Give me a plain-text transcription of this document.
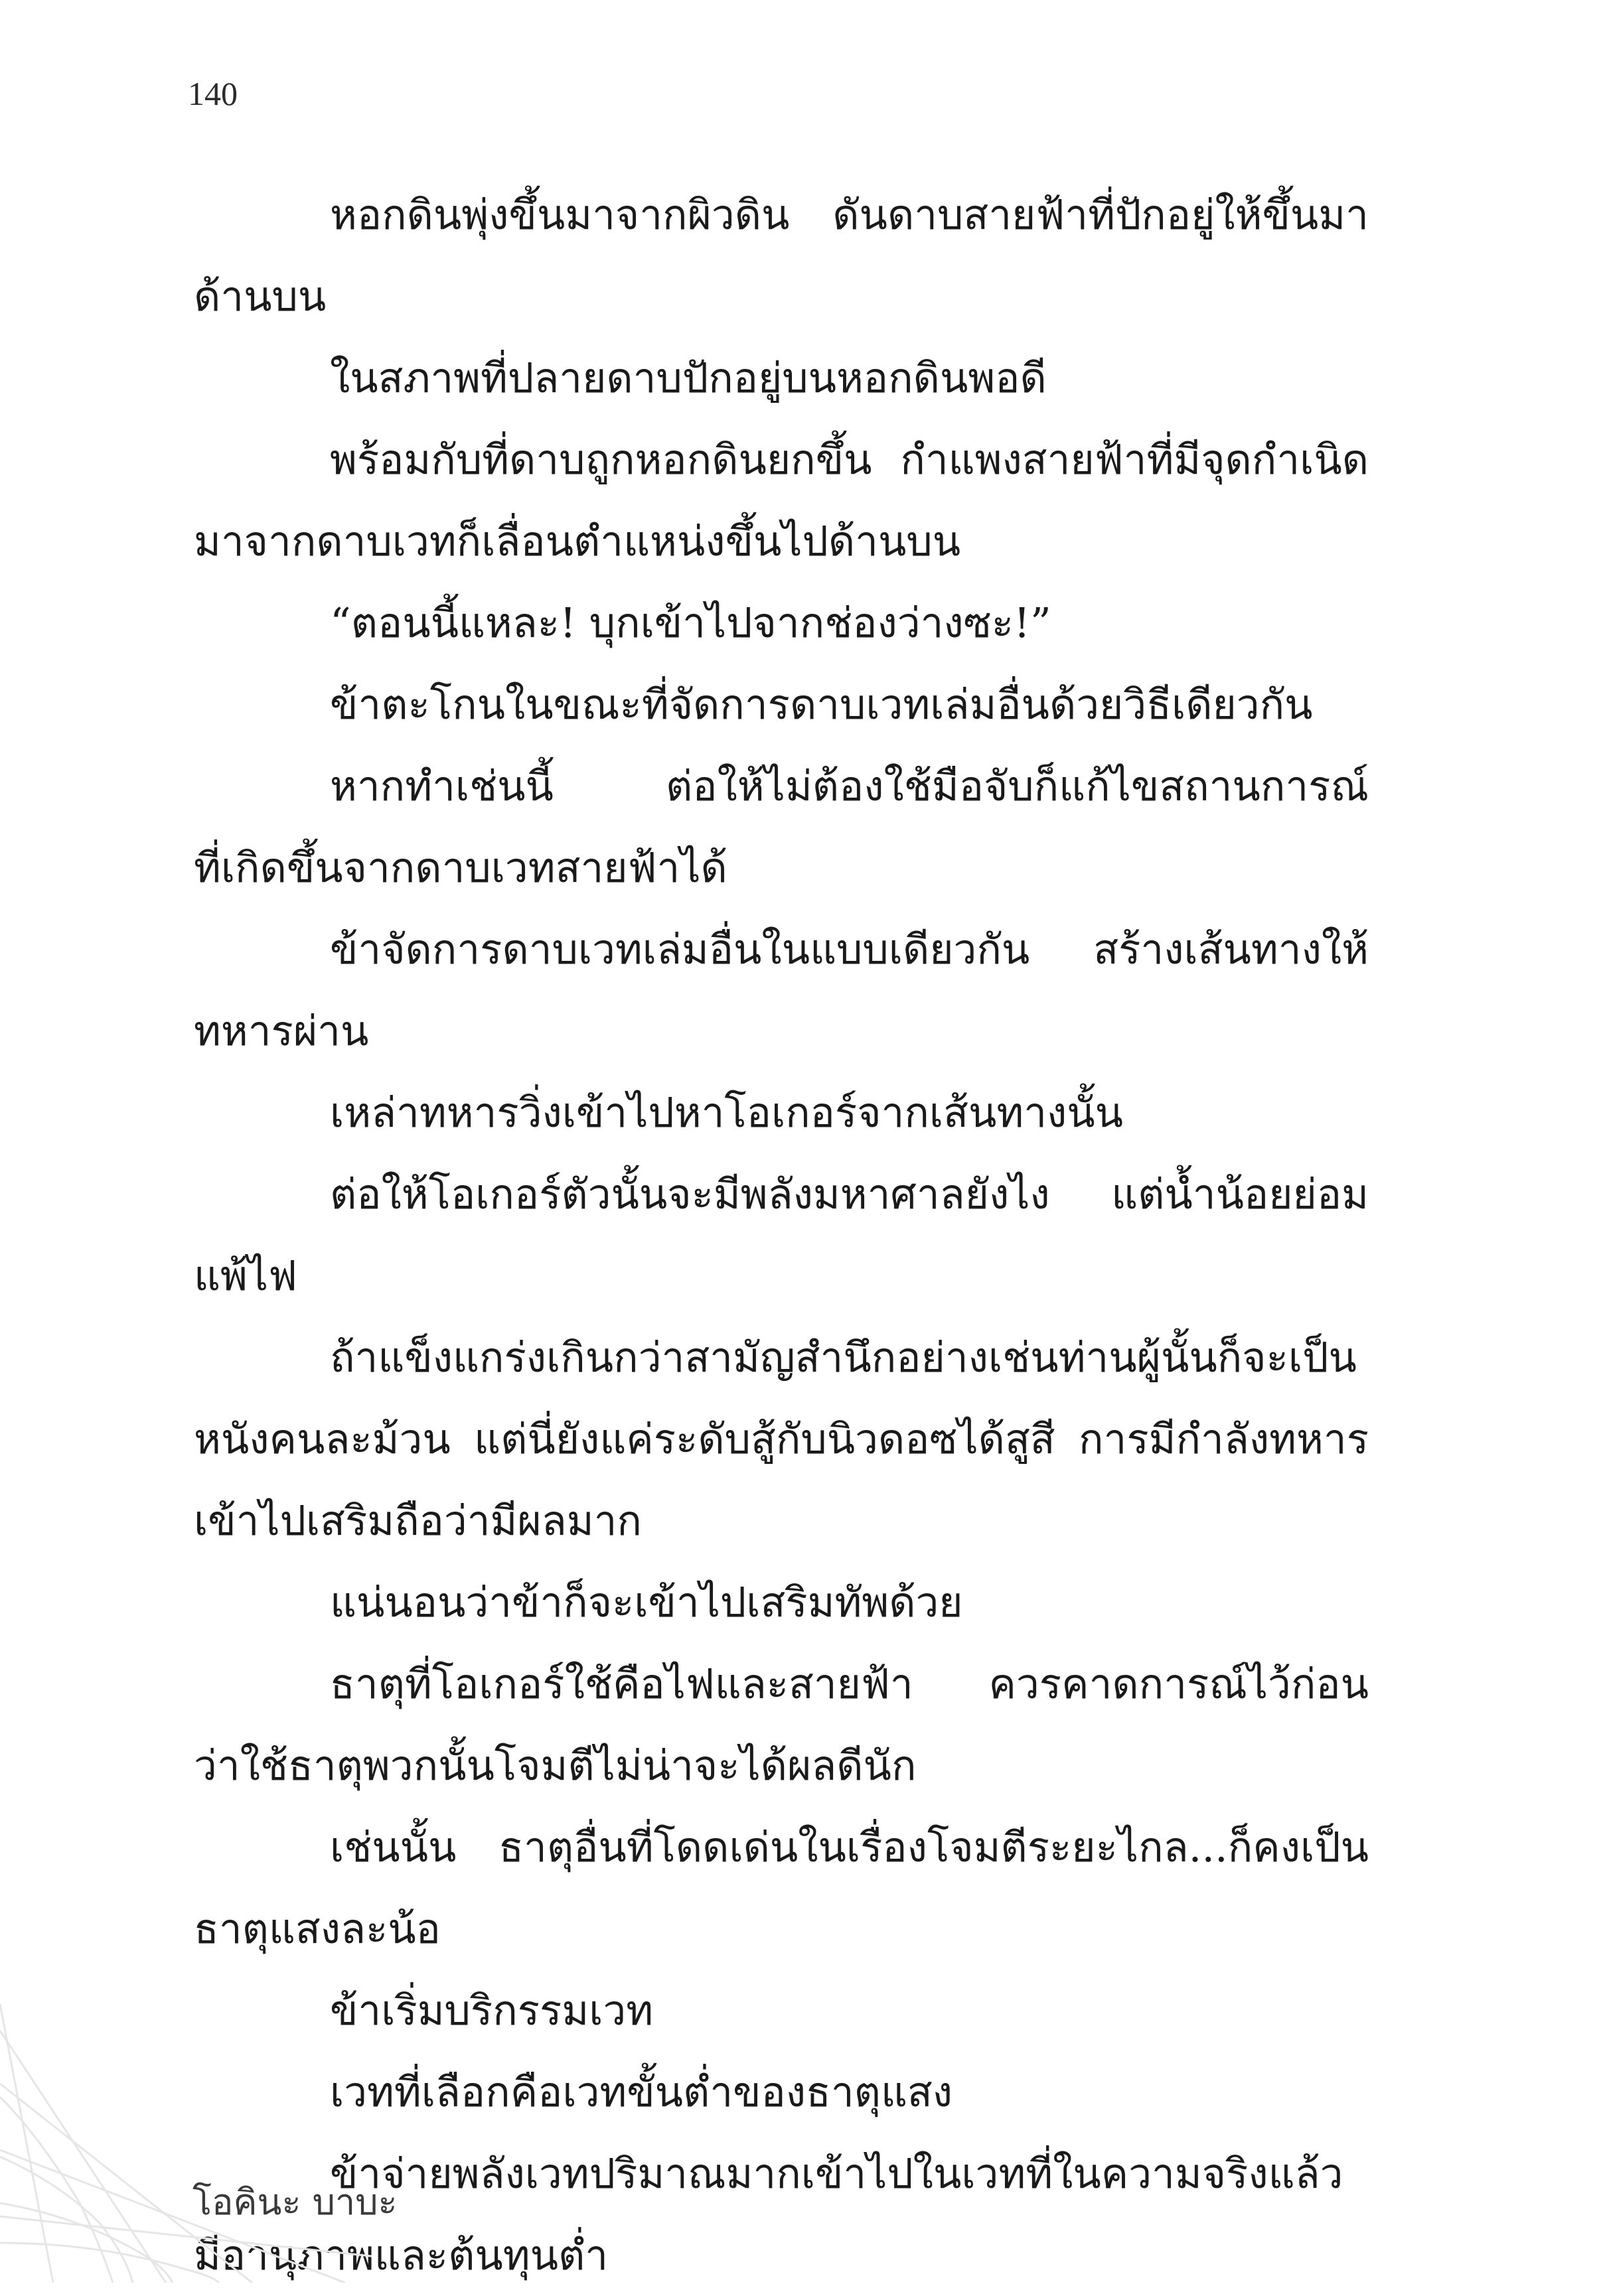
140
หอกดินพุ่งขึ้นมาจากผิวดิน ดันดาบสายฟ้าที่ปักอยู่ให้ขึ้นมา
ด้านบน
ในสภาพที่ปลายดาบปักอยู่บนหอกดินพอดี
พร้อมกับที่ดาบถูกหอกดินยกขึ้น กำแพงสายฟ้าที่มีจุดกำเนิด
มาจากดาบเวทก็เลื่อนตำแหน่งขึ้นไปด้านบน
“ตอนนี้แหละ! บุกเข้าไปจากช่องว่างซะ!”
ข้าตะโกนในขณะที่จัดการดาบเวทเล่มอื่นด้วยวิธีเดียวกัน
หากทำเช่นนี้ ต่อให้ไม่ต้องใช้มือจับก็แก้ไขสถานการณ์
ที่เกิดขึ้นจากดาบเวทสายฟ้าได้
ข้าจัดการดาบเวทเล่มอื่นในแบบเดียวกัน สร้างเส้นทางให้
ทหารผ่าน
เหล่าทหารวิ่งเข้าไปหาโอเกอร์จากเส้นทางนั้น
ต่อให้โอเกอร์ตัวนั้นจะมีพลังมหาศาลยังไง แต่น้ำน้อยย่อม
แพ้ไฟ
ถ้าแข็งแกร่งเกินกว่าสามัญสำนึกอย่างเช่นท่านผู้นั้นก็จะเป็น
หนังคนละม้วน แต่นี่ยังแค่ระดับสู้กับนิวดอซได้สูสี การมีกำลังทหาร
เข้าไปเสริมถือว่ามีผลมาก
แน่นอนว่าข้าก็จะเข้าไปเสริมทัพด้วย
ธาตุที่โอเกอร์ใช้คือไฟและสายฟ้า ควรคาดการณ์ไว้ก่อน
ว่าใช้ธาตุพวกนั้นโจมตีไม่น่าจะได้ผลดีนัก
เช่นนั้น ธาตุอื่นที่โดดเด่นในเรื่องโจมตีระยะไกล...ก็คงเป็น
ธาตุแสงละน้อ
ข้าเริ่มบริกรรมเวท
เวทที่เลือกคือเวทขั้นต่ำของธาตุแสง
ข้าจ่ายพลังเวทปริมาณมากเข้าไปในเวทที่ในความจริงแล้ว
มีอานุภาพและต้นทุนต่ำ
โอคินะ บาบะ
